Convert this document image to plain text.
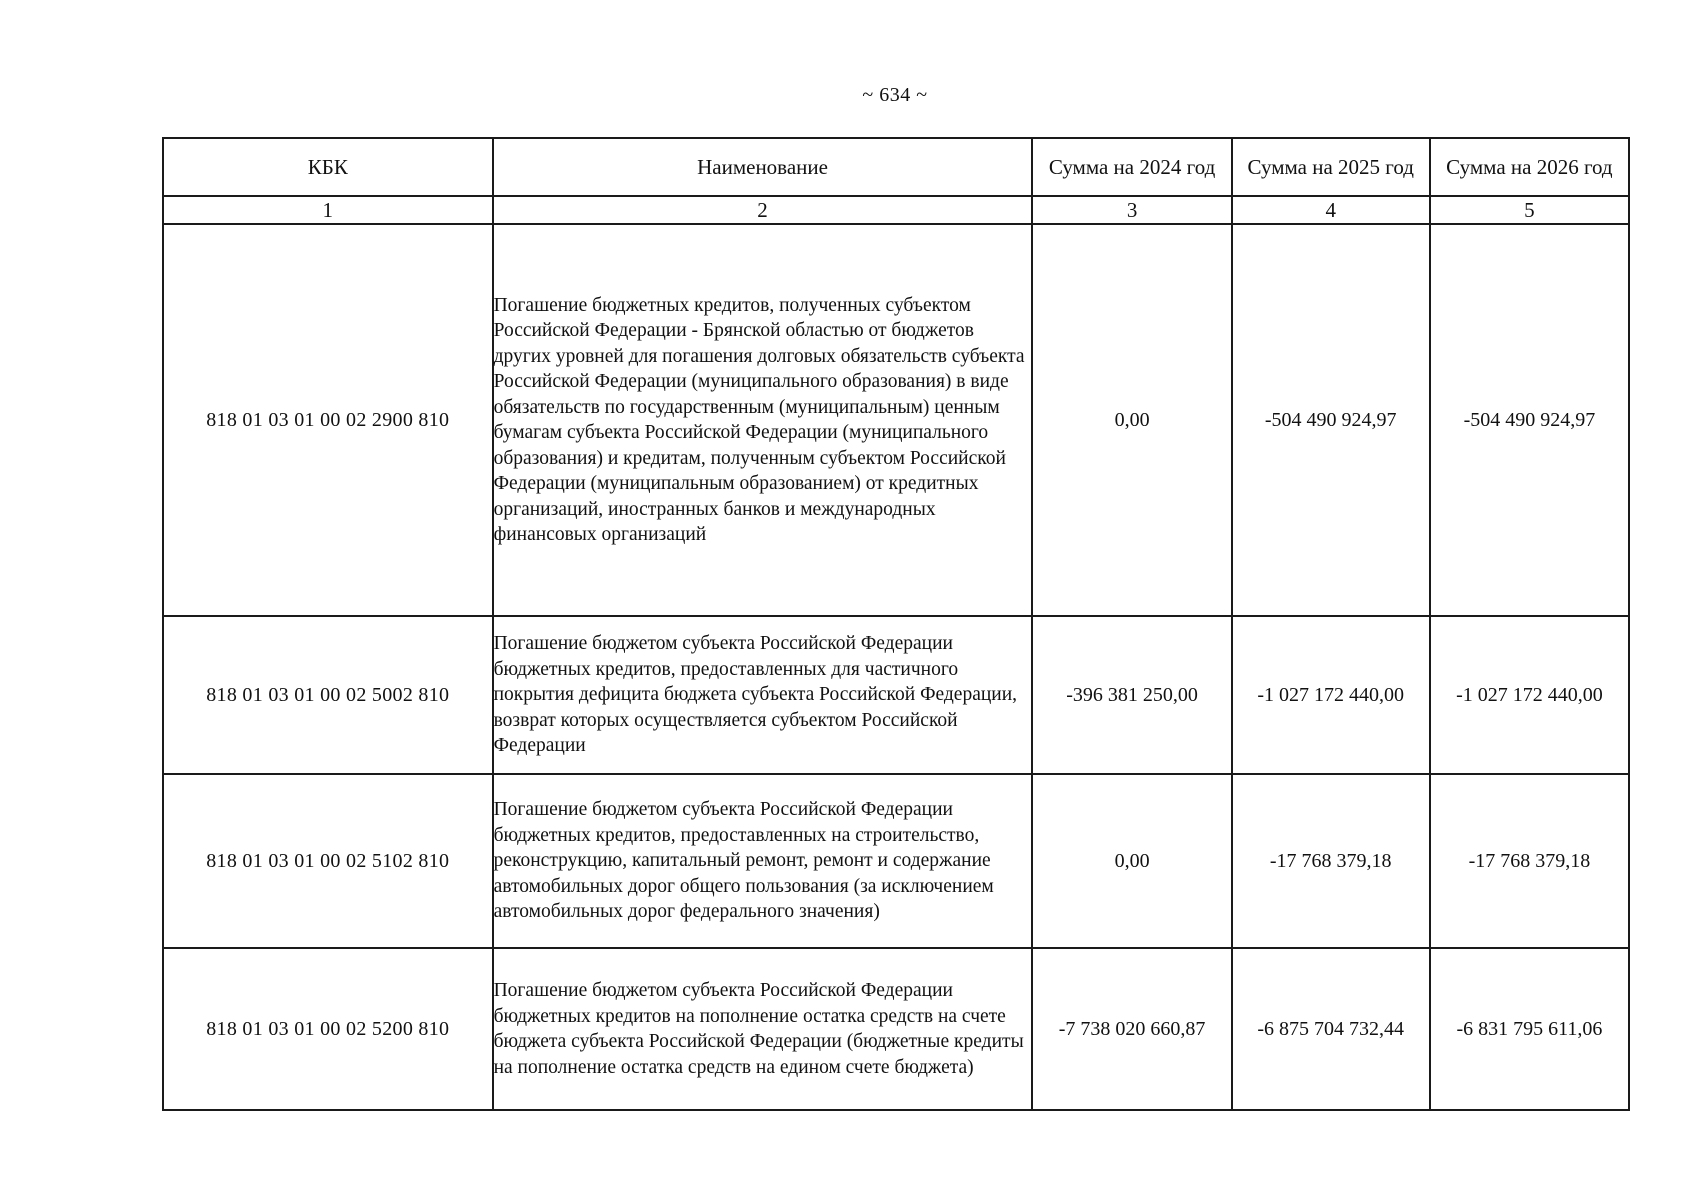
~ 634 ~
КБК	Наименование	Сумма на 2024 год	Сумма на 2025 год	Сумма на 2026 год
1	2	3	4	5
818 01 03 01 00 02 2900 810	Погашение бюджетных кредитов, полученных субъектом Российской Федерации - Брянской областью от бюджетов других уровней для погашения долговых обязательств субъекта Российской Федерации (муниципального образования) в виде обязательств по государственным (муниципальным) ценным бумагам субъекта Российской Федерации (муниципального образования) и кредитам, полученным субъектом Российской Федерации (муниципальным образованием) от кредитных организаций, иностранных банков и международных финансовых организаций	0,00	-504 490 924,97	-504 490 924,97
818 01 03 01 00 02 5002 810	Погашение бюджетом субъекта Российской Федерации бюджетных кредитов, предоставленных для частичного покрытия дефицита бюджета субъекта Российской Федерации, возврат которых осуществляется субъектом Российской Федерации	-396 381 250,00	-1 027 172 440,00	-1 027 172 440,00
818 01 03 01 00 02 5102 810	Погашение бюджетом субъекта Российской Федерации бюджетных кредитов, предоставленных на строительство, реконструкцию, капитальный ремонт, ремонт и содержание автомобильных дорог общего пользования (за исключением автомобильных дорог федерального значения)	0,00	-17 768 379,18	-17 768 379,18
818 01 03 01 00 02 5200 810	Погашение бюджетом субъекта Российской Федерации бюджетных кредитов на пополнение остатка средств на счете бюджета субъекта Российской Федерации (бюджетные кредиты на пополнение остатка средств на едином счете бюджета)	-7 738 020 660,87	-6 875 704 732,44	-6 831 795 611,06
